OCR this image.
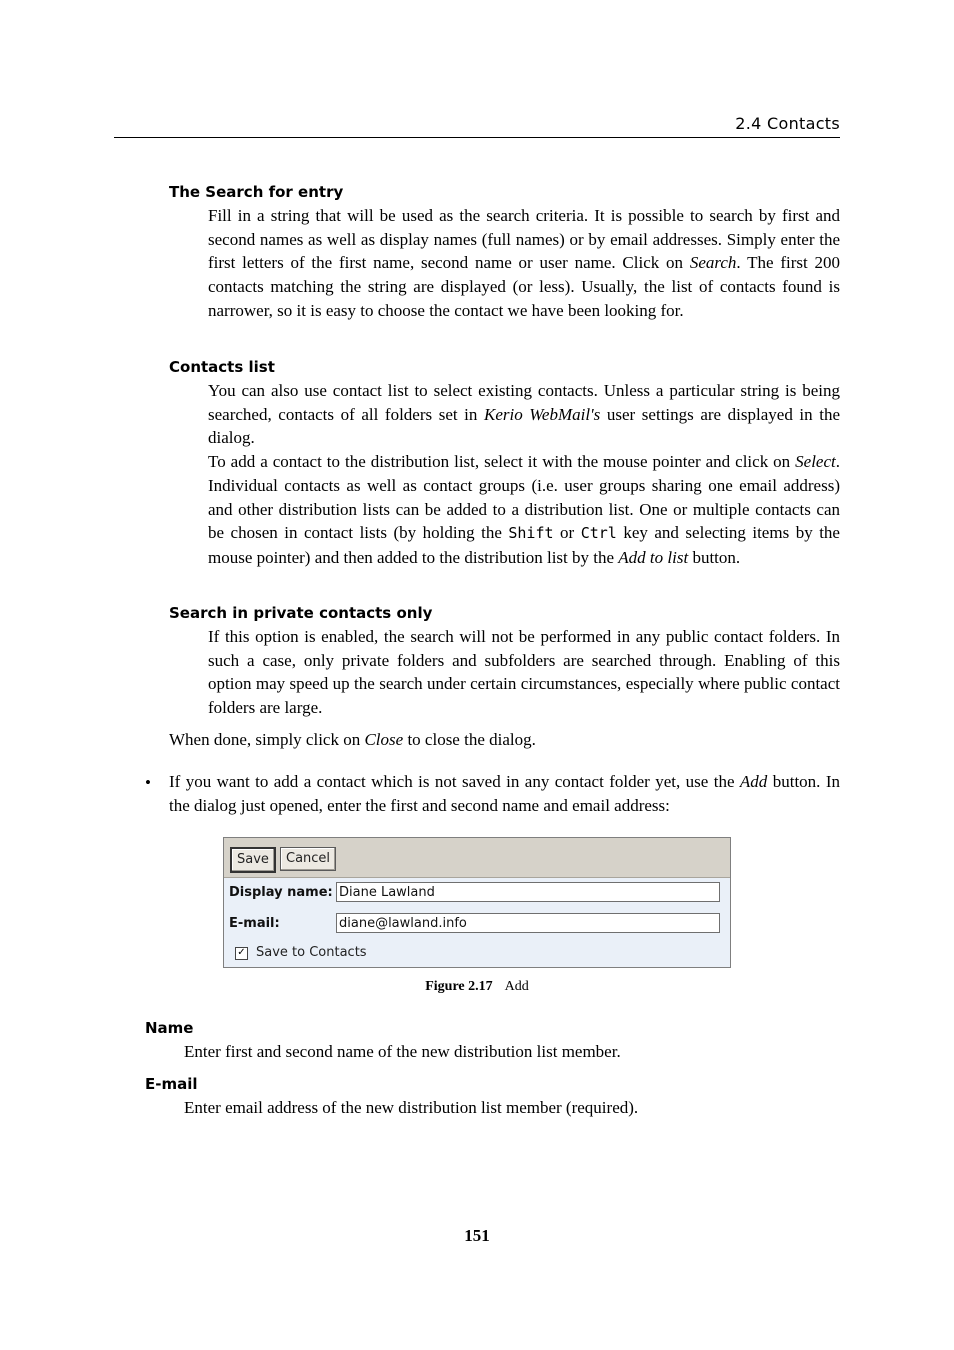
2.4 Contacts
The Search for entry

Fill in a string that will be used as the search criteria. It is possible to search by first and second names as well as display names (full names) or by email addresses. Simply enter the first letters of the first name, second name or user name. Click on Search. The first 200 contacts matching the string are displayed (or less). Usually, the list of contacts found is narrower, so it is easy to choose the contact we have been looking for.

Contacts list

You can also use contact list to select existing contacts. Unless a particular string is being searched, contacts of all folders set in Kerio WebMail's user settings are displayed in the dialog.

To add a contact to the distribution list, select it with the mouse pointer and click on Select. Individual contacts as well as contact groups (i.e. user groups sharing one email address) and other distribution lists can be added to a distribution list. One or multiple contacts can be chosen in contact lists (by holding the Shift or Ctrl key and selecting items by the mouse pointer) and then added to the distribution list by the Add to list button.

Search in private contacts only

If this option is enabled, the search will not be performed in any public contact folders. In such a case, only private folders and subfolders are searched through. Enabling of this option may speed up the search under certain circumstances, especially where public contact folders are large.

When done, simply click on Close to close the dialog.

• If you want to add a contact which is not saved in any contact folder yet, use the Add button. In the dialog just opened, enter the first and second name and email address:

Save	Cancel
Display name: Diane Lawland
E-mail:	diane@lawland.info
✓ Save to Contacts
Figure 2.17 Add
Name

Enter first and second name of the new distribution list member.

E-mail

Enter email address of the new distribution list member (required).

151
